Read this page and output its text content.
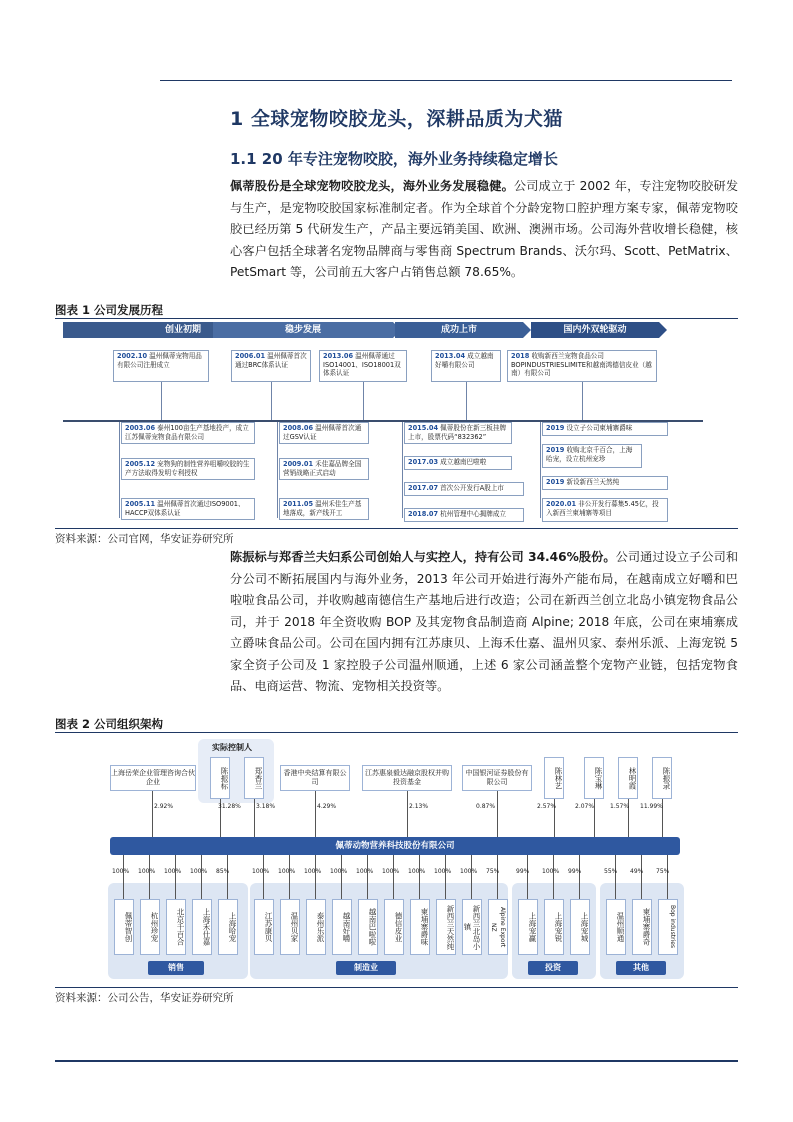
1 全球宠物咬胶龙头，深耕品质为犬猫
1.1 20 年专注宠物咬胶，海外业务持续稳定增长
佩蒂股份是全球宠物咬胶龙头，海外业务发展稳健。公司成立于 2002 年，专注宠物咬胶研发与生产，是宠物咬胶国家标准制定者。作为全球首个分龄宠物口腔护理方案专家，佩蒂宠物咬胶已经历第 5 代研发生产，产品主要远销美国、欧洲、澳洲市场。公司海外营收增长稳健，核心客户包括全球著名宠物品牌商与零售商 Spectrum Brands、沃尔玛、Scott、PetMatrix、 PetSmart 等，公司前五大客户占销售总额 78.65%。
图表 1 公司发展历程
创业初期	稳步发展	成功上市	国内外双轮驱动
2002.10 温州佩蒂宠物用品有限公司注册成立
2006.01 温州佩蒂首次通过BRC体系认证
2013.06 温州佩蒂通过ISO14001、ISO18001双体系认证
2013.04 成立越南好嚼有限公司
2018 收购新西兰宠物食品公司BOPINDUSTRIESLIMITE和越南鸿德信皮业（越南）有限公司
2003.06 泰州100亩生产基地投产，成立江苏佩蒂宠物食品有限公司
2005.12 宠物狗的制性营养咀嚼咬胶的生产方法取得发明专利授权
2005.11 温州佩蒂首次通过ISO9001、HACCP双体系认证
2008.06 温州佩蒂首次通过GSV认证
2009.01 禾佳嘉品牌全国营销战略正式启动
2011.05 温州禾佳生产基地落成，新产线开工
2015.04 佩蒂股份在新三板挂牌上市，股票代码“832362”
2017.03 成立越南巴啦啦
2017.07 首次公开发行A股上市
2018.07 杭州管理中心揭牌成立
2019 设立子公司柬埔寨爵味
2019 收购北京千百合，上海哈宠，设立杭州宠珍
2019 新设新西兰天然纯
2020.01 非公开发行募集5.45亿，投入新西兰柬埔寨等项目
资料来源：公司官网，华安证券研究所
陈振标与郑香兰夫妇系公司创始人与实控人，持有公司 34.46%股份。公司通过设立子公司和分公司不断拓展国内与海外业务，2013 年公司开始进行海外产能布局，在越南成立好嚼和巴啦啦食品公司，并收购越南德信生产基地后进行改造；公司在新西兰创立北岛小镇宠物食品公司，并于 2018 年全资收购 BOP 及其宠物食品制造商 Alpine; 2018 年底，公司在柬埔寨成立爵味食品公司。公司在国内拥有江苏康贝、上海禾仕嘉、温州贝家、泰州乐派、上海宠锐 5 家全资子公司及 1 家控股子公司温州顺通，上述 6 家公司涵盖整个宠物产业链，包括宠物食品、电商运营、物流、宠物相关投资等。
图表 2 公司组织架构
实际控制人
上海岳荣企业管理咨询合伙企业	陈振标	郑香兰	香港中央结算有限公司
江苏惠泉毅达融京股权并购投资基金
中国银河证券股份有限公司	陈林艺	陈宝琳	林明霞	陈振录
2.92%	31.28%	3.18%	4.29%	2.13%	0.87%	2.57%	2.07%	1.57% 11.99%
佩蒂动物营养科技股份有限公司
销售	制造业	投资	其他
100%
佩蒂智创
100%
杭州珍宠
100%
北京千百合
100%
上海禾仕嘉
85%
上海哈宠
100%
江苏康贝
100%
温州贝家
100%
泰州乐派
100%
越南好嚼
100%
越南巴啦啦
100%
德信皮业
100%
柬埔寨爵味
100%
新西兰天然纯
100%
新西兰北岛小镇
75%
Alpine Export NZ
99%
上海宠赢
100%
上海宠锐
99%
上海宠城
55%
温州顺通
49%
柬埔寨爵奇
75%
Bop industries
资料来源：公司公告，华安证券研究所
